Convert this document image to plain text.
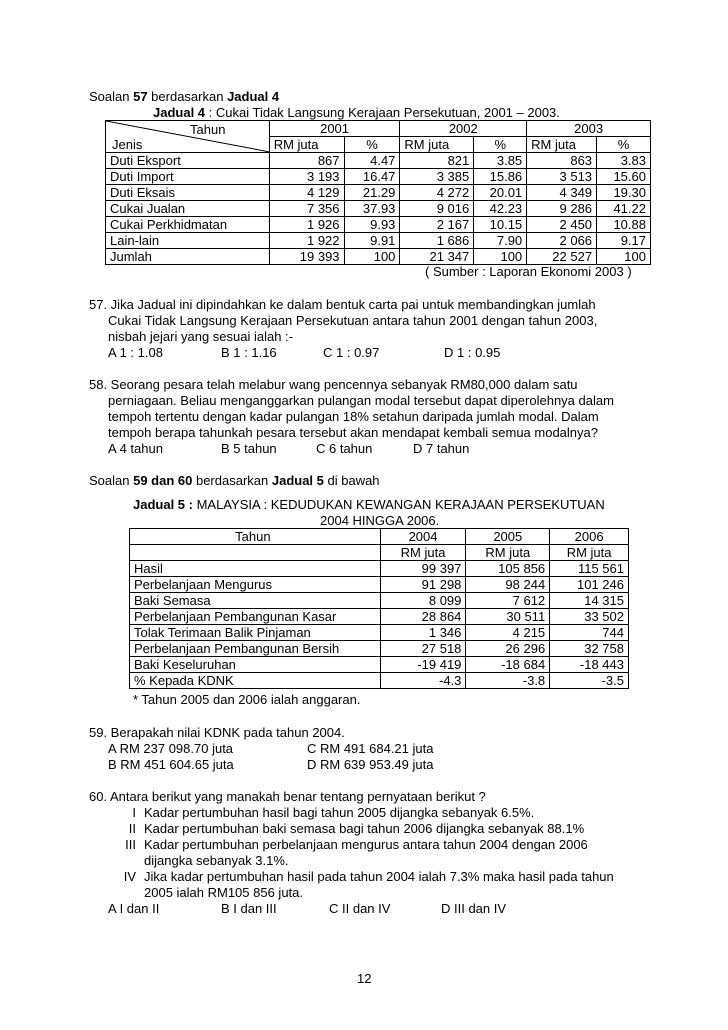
Soalan 57 berdasarkan Jadual 4
Jadual 4 : Cukai Tidak Langsung Kerajaan Persekutuan, 2001 – 2003.
Tahun
Jenis	2001		2002		2003	
	RM juta	%	RM juta	%	RM juta	%
Duti Eksport	867	4.47	821	3.85	863	3.83
Duti Import	3 193	16.47	3 385	15.86	3 513	15.60
Duti Eksais	4 129	21.29	4 272	20.01	4 349	19.30
Cukai Jualan	7 356	37.93	9 016	42.23	9 286	41.22
Cukai Perkhidmatan	1 926	9.93	2 167	10.15	2 450	10.88
Lain-lain	1 922	9.91	1 686	7.90	2 066	9.17
Jumlah	19 393	100	21 347	100	22 527	100
( Sumber : Laporan Ekonomi 2003 )
57. Jika Jadual ini dipindahkan ke dalam bentuk carta pai untuk membandingkan jumlah
Cukai Tidak Langsung Kerajaan Persekutuan antara tahun 2001 dengan tahun 2003,
nisbah jejari yang sesuai ialah :-
A 1 : 1.08	B 1 : 1.16	C 1 : 0.97	D 1 : 0.95
58. Seorang pesara telah melabur wang pencennya sebanyak RM80,000 dalam satu
perniagaan. Beliau menganggarkan pulangan modal tersebut dapat diperolehnya dalam
tempoh tertentu dengan kadar pulangan 18% setahun daripada jumlah modal. Dalam
tempoh berapa tahunkah pesara tersebut akan mendapat kembali semua modalnya?
A 4 tahun	B 5 tahun	C 6 tahun	D 7 tahun
Soalan 59 dan 60 berdasarkan Jadual 5 di bawah
Jadual 5 : MALAYSIA : KEDUDUKAN KEWANGAN KERAJAAN PERSEKUTUAN
2004 HINGGA 2006.
Tahun	2004	2005	2006
	RM juta	RM juta	RM juta
Hasil	99 397	105 856	115 561
Perbelanjaan Mengurus	91 298	98 244	101 246
Baki Semasa	8 099	7 612	14 315
Perbelanjaan Pembangunan Kasar	28 864	30 511	33 502
Tolak Terimaan Balik Pinjaman	1 346	4 215	744
Perbelanjaan Pembangunan Bersih	27 518	26 296	32 758
Baki Keseluruhan	-19 419	-18 684	-18 443
% Kepada KDNK	-4.3	-3.8	-3.5
* Tahun 2005 dan 2006 ialah anggaran.
59. Berapakah nilai KDNK pada tahun 2004.
A RM 237 098.70 juta	C RM 491 684.21 juta
B RM 451 604.65 juta	D RM 639 953.49 juta
60. Antara berikut yang manakah benar tentang pernyataan berikut ?
I Kadar pertumbuhan hasil bagi tahun 2005 dijangka sebanyak 6.5%.
II Kadar pertumbuhan baki semasa bagi tahun 2006 dijangka sebanyak 88.1%
III Kadar pertumbuhan perbelanjaan mengurus antara tahun 2004 dengan 2006
dijangka sebanyak 3.1%.
IV Jika kadar pertumbuhan hasil pada tahun 2004 ialah 7.3% maka hasil pada tahun
2005 ialah RM105 856 juta.
A I dan II	B I dan III	C II dan IV	D III dan IV
12
